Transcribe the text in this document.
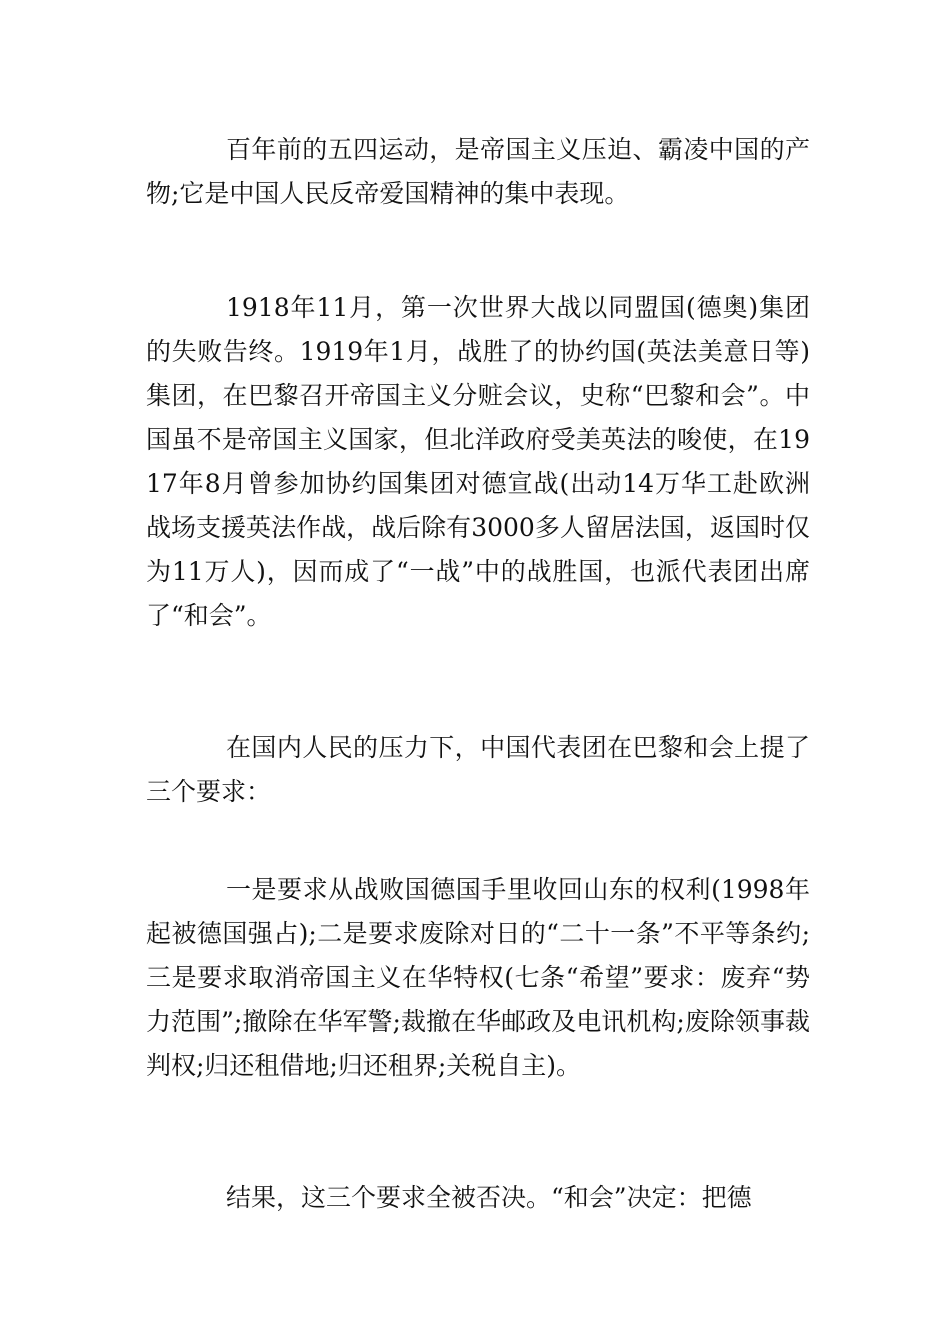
百年前的五四运动，是帝国主义压迫、霸凌中国的产物;它是中国人民反帝爱国精神的集中表现。

1918年11月，第一次世界大战以同盟国(德奥)集团的失败告终。1919年1月，战胜了的协约国(英法美意日等)集团，在巴黎召开帝国主义分赃会议，史称“巴黎和会”。中国虽不是帝国主义国家，但北洋政府受美英法的唆使，在1917年8月曾参加协约国集团对德宣战(出动14万华工赴欧洲战场支援英法作战，战后除有3000多人留居法国，返国时仅为11万人)，因而成了“一战”中的战胜国，也派代表团出席了“和会”。

在国内人民的压力下，中国代表团在巴黎和会上提了三个要求：

一是要求从战败国德国手里收回山东的权利(1998年起被德国强占);二是要求废除对日的“二十一条”不平等条约;三是要求取消帝国主义在华特权(七条“希望”要求：废弃“势力范围”;撤除在华军警;裁撤在华邮政及电讯机构;废除领事裁判权;归还租借地;归还租界;关税自主)。

结果，这三个要求全被否决。“和会”决定：把德
